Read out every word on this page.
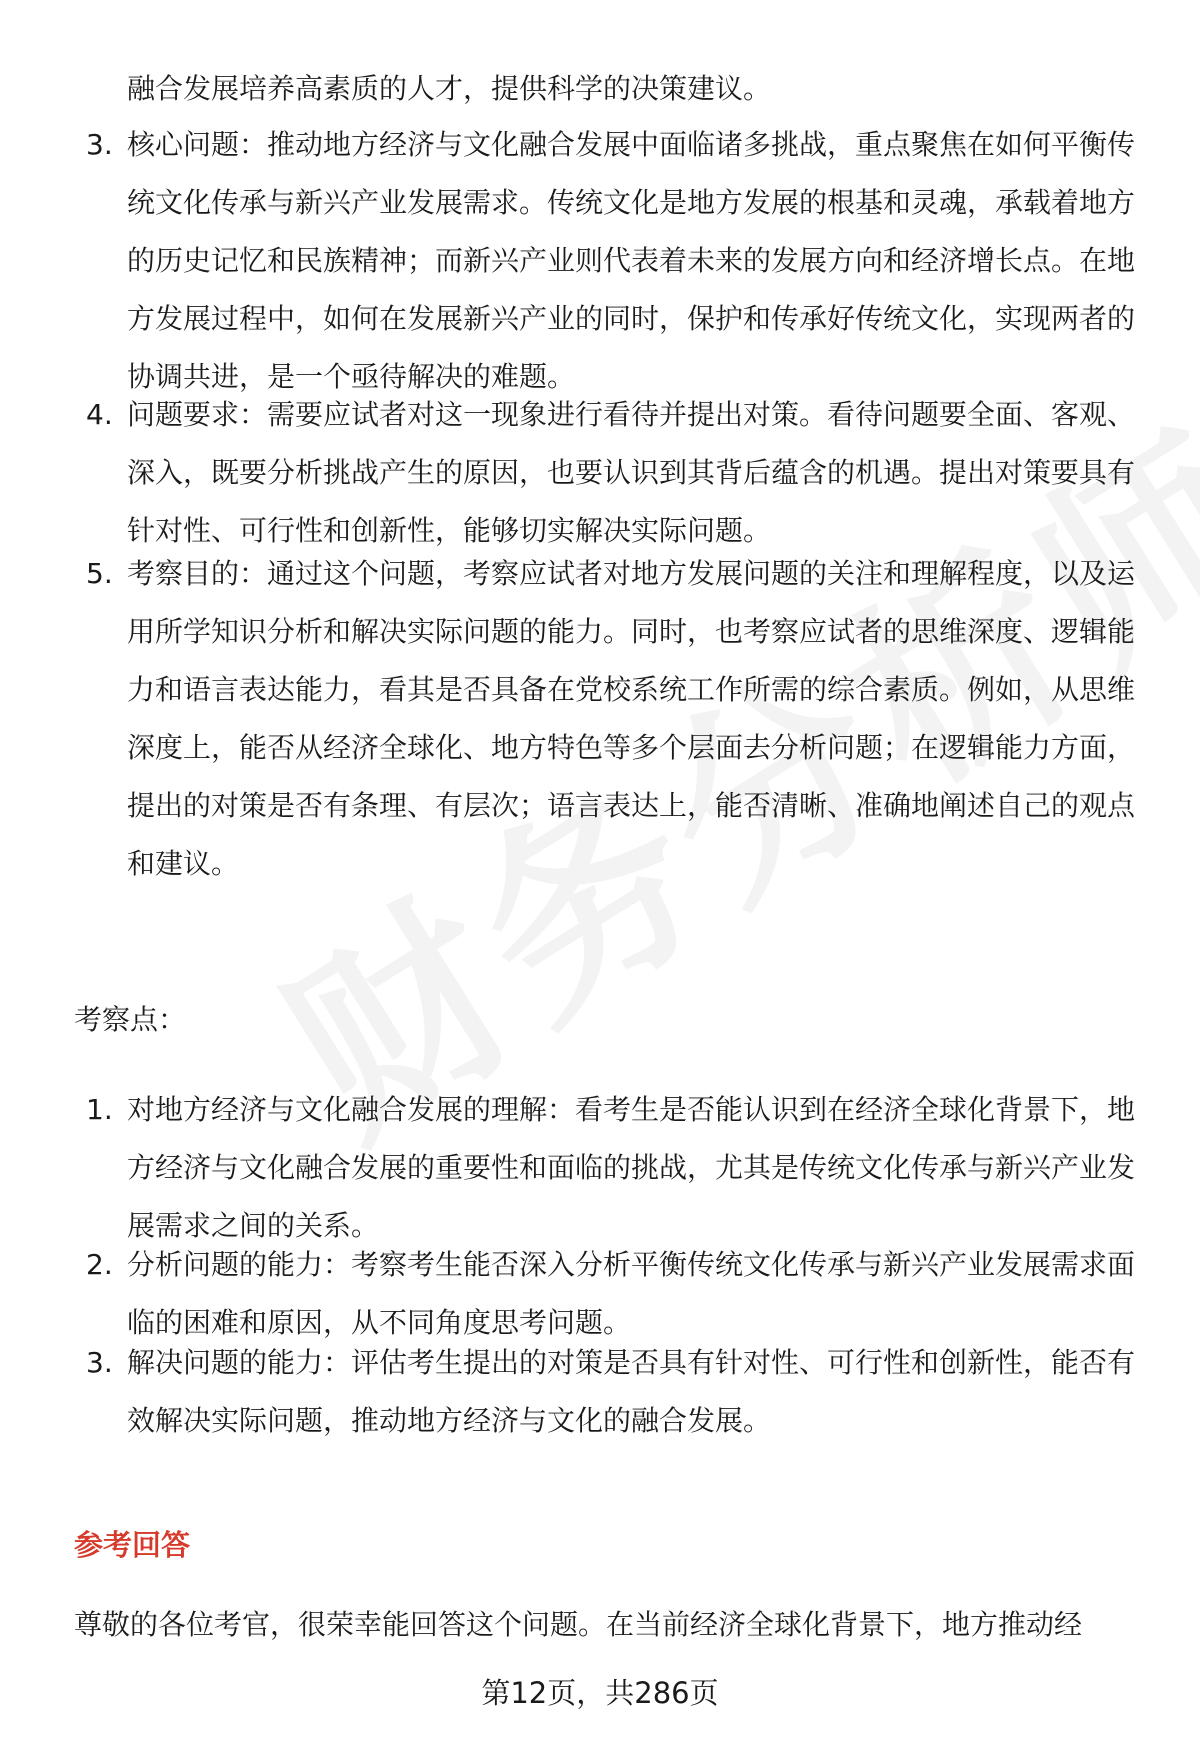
融合发展培养高素质的人才，提供科学的决策建议。
3. 核心问题：推动地方经济与文化融合发展中面临诸多挑战，重点聚焦在如何平衡传统文化传承与新兴产业发展需求。传统文化是地方发展的根基和灵魂，承载着地方的历史记忆和民族精神；而新兴产业则代表着未来的发展方向和经济增长点。在地方发展过程中，如何在发展新兴产业的同时，保护和传承好传统文化，实现两者的协调共进，是一个亟待解决的难题。
4. 问题要求：需要应试者对这一现象进行看待并提出对策。看待问题要全面、客观、深入，既要分析挑战产生的原因，也要认识到其背后蕴含的机遇。提出对策要具有针对性、可行性和创新性，能够切实解决实际问题。
5. 考察目的：通过这个问题，考察应试者对地方发展问题的关注和理解程度，以及运用所学知识分析和解决实际问题的能力。同时，也考察应试者的思维深度、逻辑能力和语言表达能力，看其是否具备在党校系统工作所需的综合素质。例如，从思维深度上，能否从经济全球化、地方特色等多个层面去分析问题；在逻辑能力方面，提出的对策是否有条理、有层次；语言表达上，能否清晰、准确地阐述自己的观点和建议。
考察点：
1. 对地方经济与文化融合发展的理解：看考生是否能认识到在经济全球化背景下，地方经济与文化融合发展的重要性和面临的挑战，尤其是传统文化传承与新兴产业发展需求之间的关系。
2. 分析问题的能力：考察考生能否深入分析平衡传统文化传承与新兴产业发展需求面临的困难和原因，从不同角度思考问题。
3. 解决问题的能力：评估考生提出的对策是否具有针对性、可行性和创新性，能否有效解决实际问题，推动地方经济与文化的融合发展。
参考回答
尊敬的各位考官，很荣幸能回答这个问题。在当前经济全球化背景下，地方推动经
第12页，共286页
